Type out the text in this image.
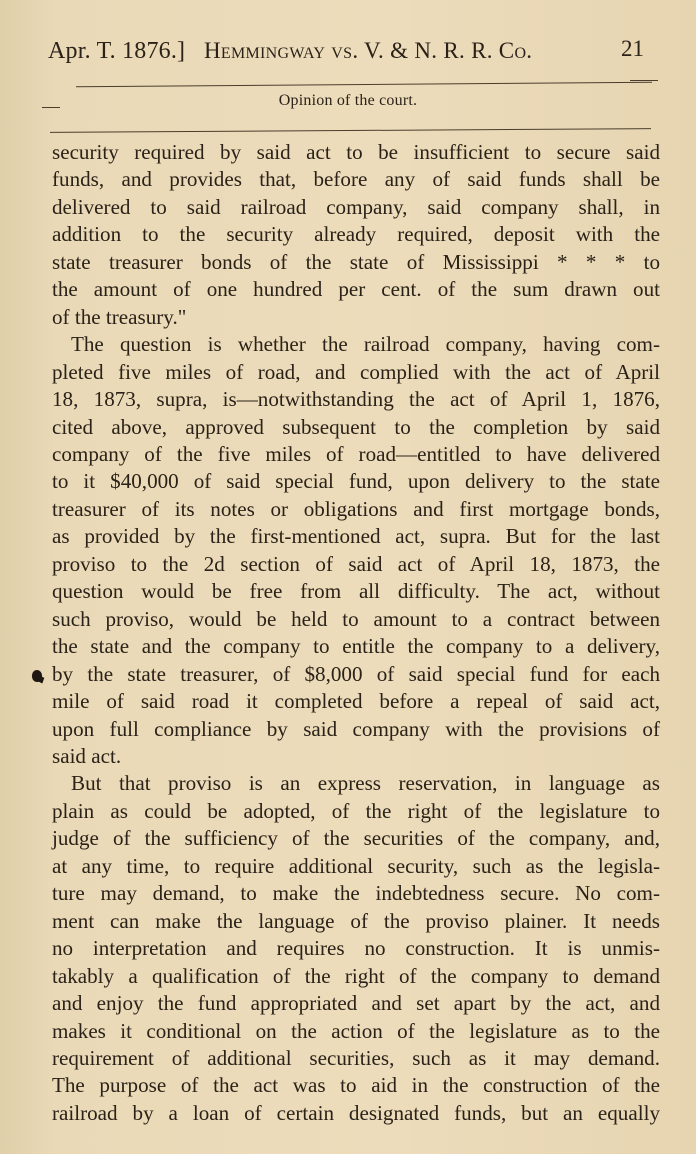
Apr. T. 1876.] Hemmingway vs. V. & N. R. R. Co.	21
Opinion of the court.
security required by said act to be insufficient to secure said
funds, and provides that, before any of said funds shall be
delivered to said railroad company, said company shall, in
addition to the security already required, deposit with the
state treasurer bonds of the state of Mississippi * * * to
the amount of one hundred per cent. of the sum drawn out
of the treasury."
The question is whether the railroad company, having com-
pleted five miles of road, and complied with the act of April
18, 1873, supra, is—notwithstanding the act of April 1, 1876,
cited above, approved subsequent to the completion by said
company of the five miles of road—entitled to have delivered
to it $40,000 of said special fund, upon delivery to the state
treasurer of its notes or obligations and first mortgage bonds,
as provided by the first-mentioned act, supra. But for the last
proviso to the 2d section of said act of April 18, 1873, the
question would be free from all difficulty. The act, without
such proviso, would be held to amount to a contract between
the state and the company to entitle the company to a delivery,
by the state treasurer, of $8,000 of said special fund for each
mile of said road it completed before a repeal of said act,
upon full compliance by said company with the provisions of
said act.
But that proviso is an express reservation, in language as
plain as could be adopted, of the right of the legislature to
judge of the sufficiency of the securities of the company, and,
at any time, to require additional security, such as the legisla-
ture may demand, to make the indebtedness secure. No com-
ment can make the language of the proviso plainer. It needs
no interpretation and requires no construction. It is unmis-
takably a qualification of the right of the company to demand
and enjoy the fund appropriated and set apart by the act, and
makes it conditional on the action of the legislature as to the
requirement of additional securities, such as it may demand.
The purpose of the act was to aid in the construction of the
railroad by a loan of certain designated funds, but an equally
